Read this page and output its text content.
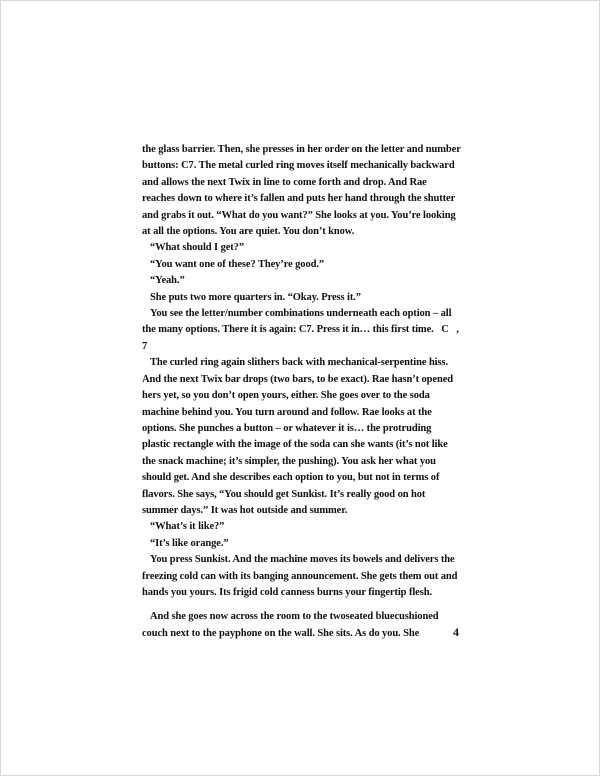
the glass barrier. Then, she presses in her order on the letter and number buttons: C7. The metal curled ring moves itself mechanically backward and allows the next Twix in line to come forth and drop. And Rae reaches down to where it’s fallen and puts her hand through the shutter and grabs it out. “What do you want?” She looks at you. You’re looking at all the options. You are quiet. You don’t know.

“What should I get?”

“You want one of these? They’re good.”

“Yeah.”

She puts two more quarters in. “Okay. Press it.”

You see the letter/number combinations underneath each option – all the many options. There it is again: C7. Press it in… this first time.   C   ,   7

The curled ring again slithers back with mechanical-serpentine hiss. And the next Twix bar drops (two bars, to be exact). Rae hasn’t opened hers yet, so you don’t open yours, either. She goes over to the soda machine behind you. You turn around and follow. Rae looks at the options. She punches a button – or whatever it is… the protruding plastic rectangle with the image of the soda can she wants (it’s not like the snack machine; it’s simpler, the pushing). You ask her what you should get. And she describes each option to you, but not in terms of flavors. She says, “You should get Sunkist. It’s really good on hot summer days.” It was hot outside and summer.

“What’s it like?”

“It’s like orange.”

You press Sunkist. And the machine moves its bowels and delivers the freezing cold can with its banging announcement. She gets them out and hands you yours. Its frigid cold canness burns your fingertip flesh.

And she goes now across the room to the twoseated bluecushioned couch next to the payphone on the wall. She sits. As do you. She	4
